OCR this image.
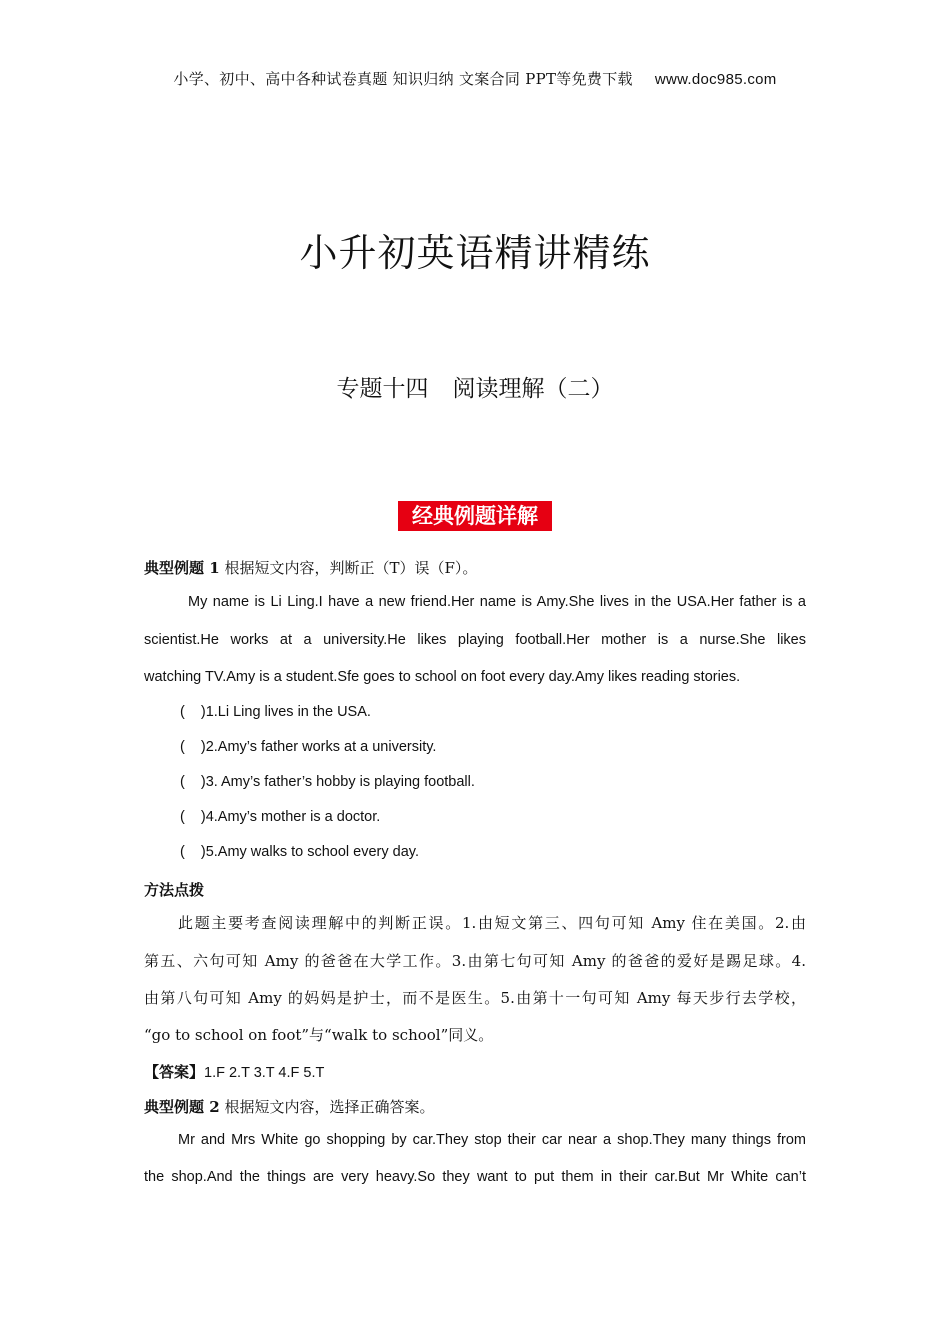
小学、初中、高中各种试卷真题 知识归纳 文案合同 PPT等免费下载 www.doc985.com
小升初英语精讲精练
专题十四 阅读理解（二）
经典例题详解
典型例题 1 根据短文内容，判断正（T）误（F）。
My name is Li Ling.I have a new friend.Her name is Amy.She lives in the USA.Her father is a
scientist.He works at a university.He likes playing football.Her mother is a nurse.She likes
watching TV.Amy is a student.Sfe goes to school on foot every day.Amy likes reading stories.
( )1.Li Ling lives in the USA.
( )2.Amy’s father works at a university.
( )3. Amy’s father’s hobby is playing football.
( )4.Amy’s mother is a doctor.
( )5.Amy walks to school every day.
方法点拨
此题主要考查阅读理解中的判断正误。1.由短文第三、四句可知 Amy 住在美国。2.由
第五、六句可知 Amy 的爸爸在大学工作。3.由第七句可知 Amy 的爸爸的爱好是踢足球。4.
由第八句可知 Amy 的妈妈是护士，而不是医生。5.由第十一句可知 Amy 每天步行去学校，
“go to school on foot”与“walk to school”同义。
【答案】1.F 2.T 3.T 4.F 5.T
典型例题 2 根据短文内容，选择正确答案。
Mr and Mrs White go shopping by car.They stop their car near a shop.They many things from
the shop.And the things are very heavy.So they want to put them in their car.But Mr White can’t
